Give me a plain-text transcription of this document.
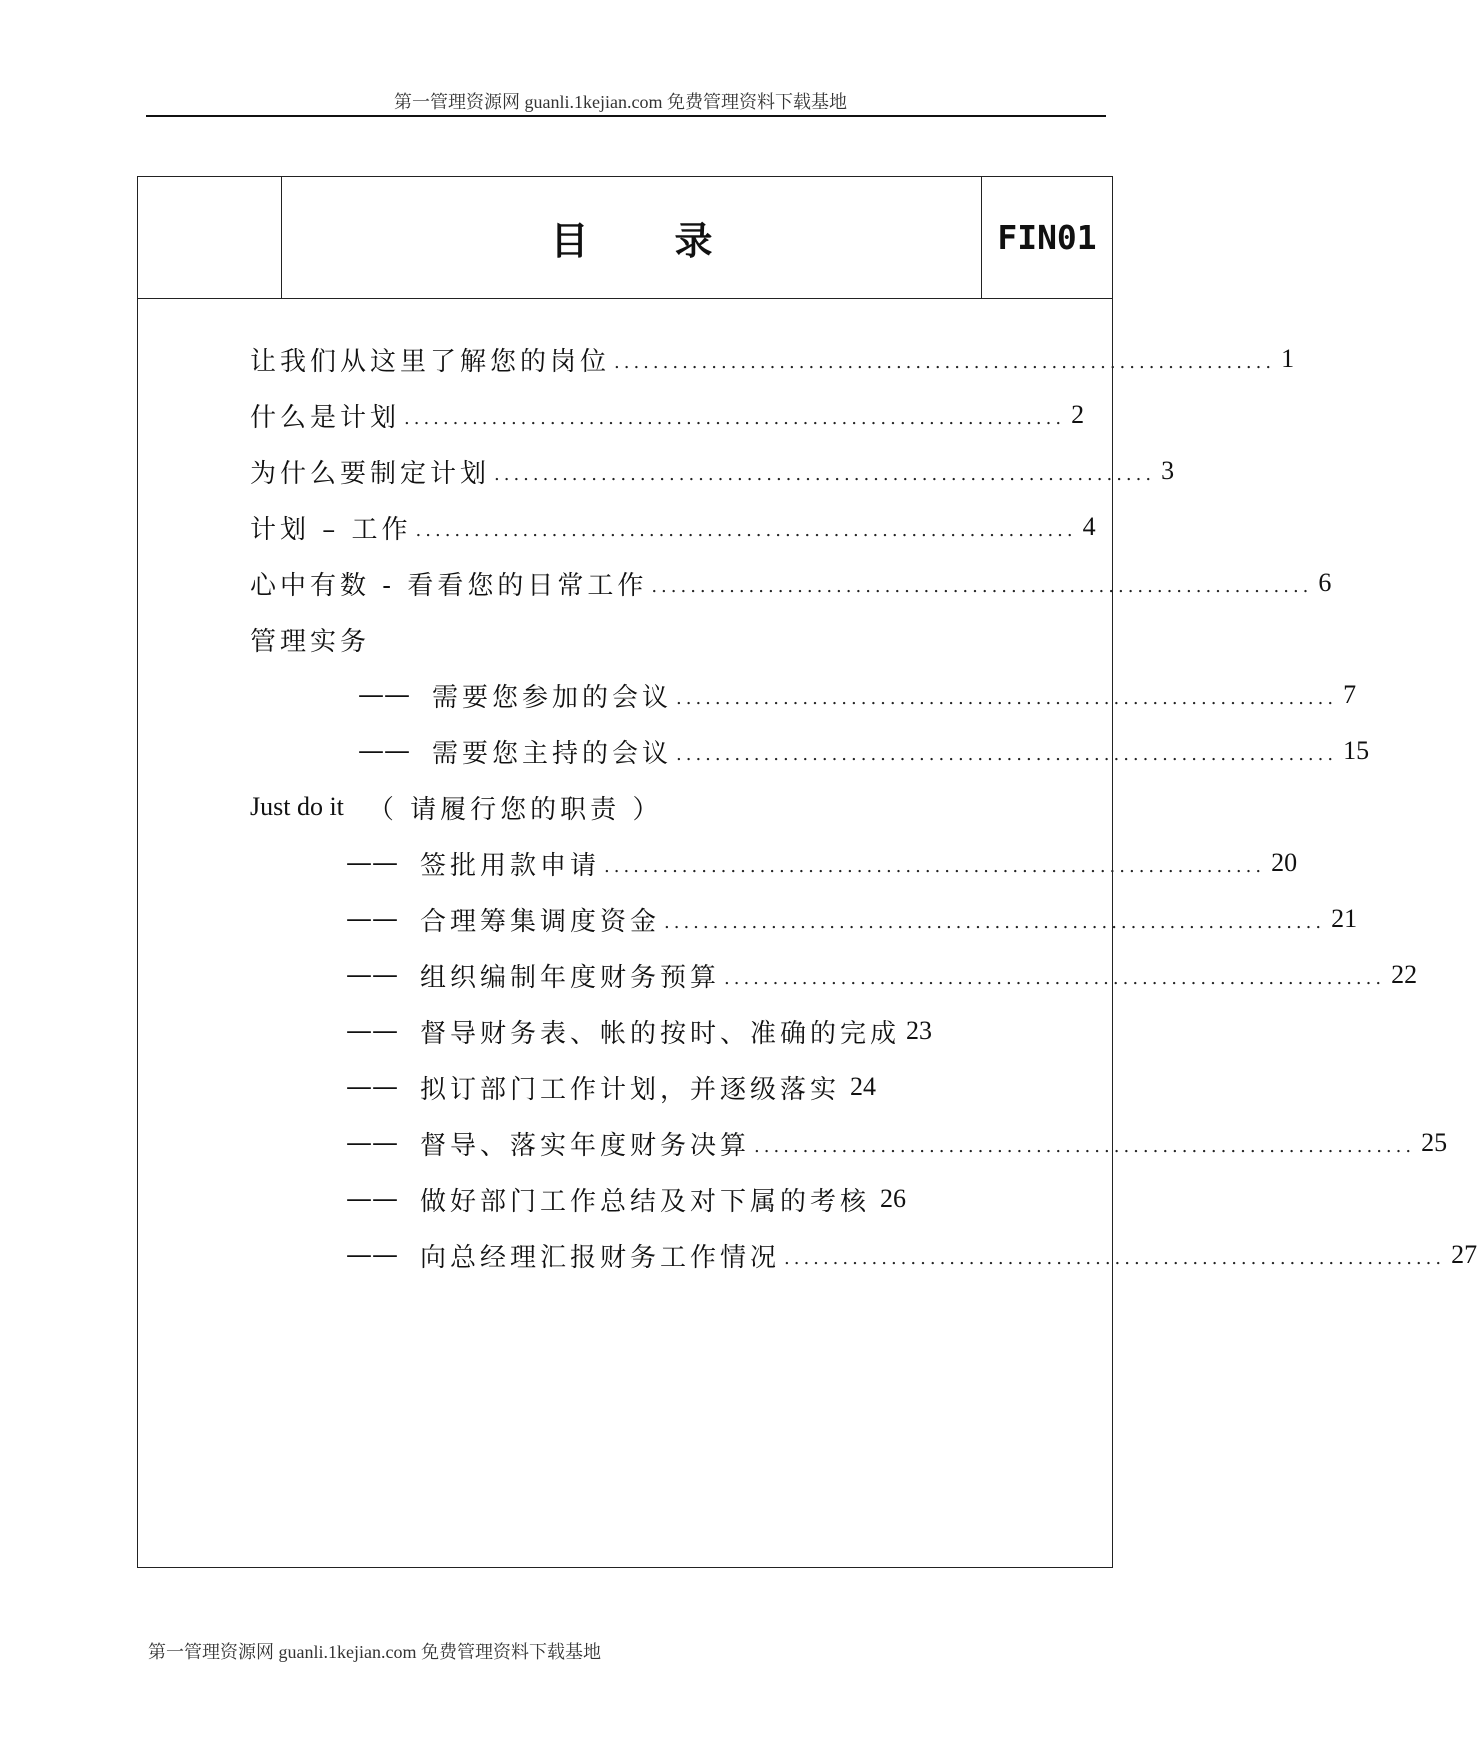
第一管理资源网 guanli.1kejian.com 免费管理资料下载基地
目录	FIN01
让我们从这里了解您的岗位 .................................................................... 1
什么是计划 .................................................................... 2
为什么要制定计划 .................................................................... 3
计划 – 工作 .................................................................... 4
心中有数 - 看看您的日常工作 .................................................................... 6
管理实务
—— 需要您参加的会议 .................................................................... 7
—— 需要您主持的会议 .................................................................... 15
Just do it （ 请履行您的职责 ）
—— 签批用款申请 .................................................................... 20
—— 合理筹集调度资金 .................................................................... 21
—— 组织编制年度财务预算 .................................................................... 22
—— 督导财务表、帐的按时、准确的完成 23
—— 拟订部门工作计划，并逐级落实 24
—— 督导、落实年度财务决算 .................................................................... 25
—— 做好部门工作总结及对下属的考核 26
—— 向总经理汇报财务工作情况 .................................................................... 27
第一管理资源网 guanli.1kejian.com 免费管理资料下载基地
